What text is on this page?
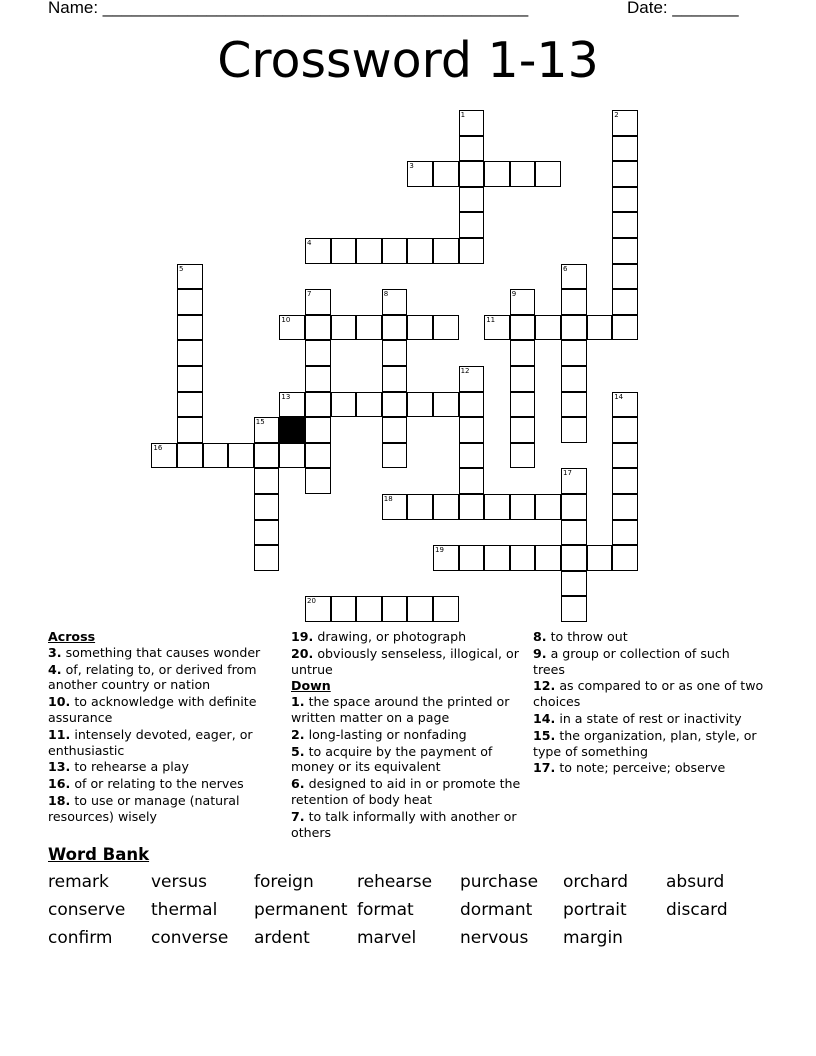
Name: _____________________________________________	Date: _______
Crossword 1-13
1	2
3
4
5	6
7	8	9
10	11
12
13	14
15
16
17
18
19
20
Across
3. something that causes wonder
4. of, relating to, or derived from another country or nation
10. to acknowledge with definite assurance
11. intensely devoted, eager, or enthusiastic
13. to rehearse a play
16. of or relating to the nerves
18. to use or manage (natural resources) wisely
19. drawing, or photograph
20. obviously senseless, illogical, or untrue
Down
1. the space around the printed or written matter on a page
2. long-lasting or nonfading
5. to acquire by the payment of money or its equivalent
6. designed to aid in or promote the retention of body heat
7. to talk informally with another or others
8. to throw out
9. a group or collection of such trees
12. as compared to or as one of two choices
14. in a state of rest or inactivity
15. the organization, plan, style, or type of something
17. to note; perceive; observe
Word Bank
remark versus	foreign	rehearse purchase orchard absurd
conserve thermal permanent format	dormant portrait discard
confirm converse ardent	marvel	nervous margin
